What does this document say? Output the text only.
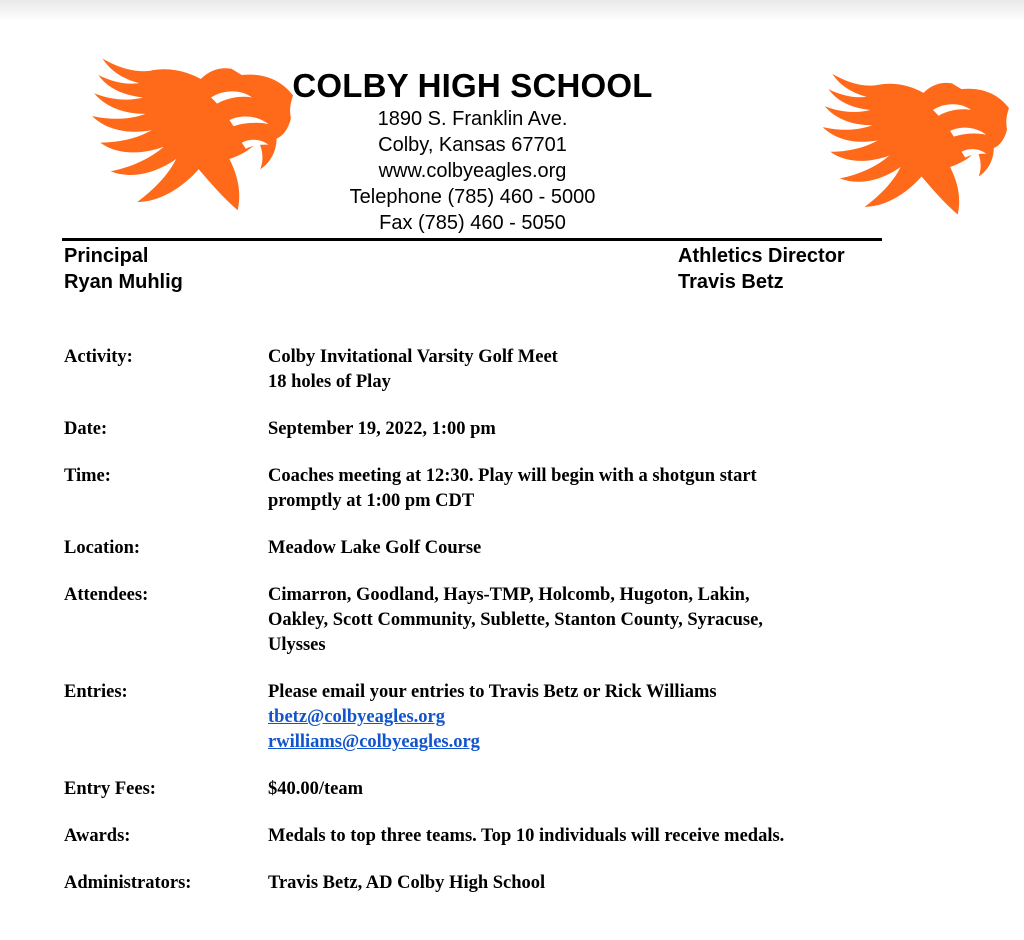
COLBY HIGH SCHOOL

1890 S. Franklin Ave.

Colby, Kansas 67701

www.colbyeagles.org

Telephone (785) 460 - 5000

Fax (785) 460 - 5050

Principal
Ryan Muhlig
Athletics Director
Travis Betz
Activity:	Colby Invitational Varsity Golf Meet
18 holes of Play
Date:	September 19, 2022, 1:00 pm
Time:	Coaches meeting at 12:30. Play will begin with a shotgun start
promptly at 1:00 pm CDT
Location:	Meadow Lake Golf Course
Attendees:	Cimarron, Goodland, Hays-TMP, Holcomb, Hugoton, Lakin,
Oakley, Scott Community, Sublette, Stanton County, Syracuse,
Ulysses
Entries:	Please email your entries to Travis Betz or Rick Williams
tbetz@colbyeagles.org
rwilliams@colbyeagles.org
Entry Fees:	$40.00/team
Awards:	Medals to top three teams. Top 10 individuals will receive medals.
Administrators:	Travis Betz, AD Colby High School
